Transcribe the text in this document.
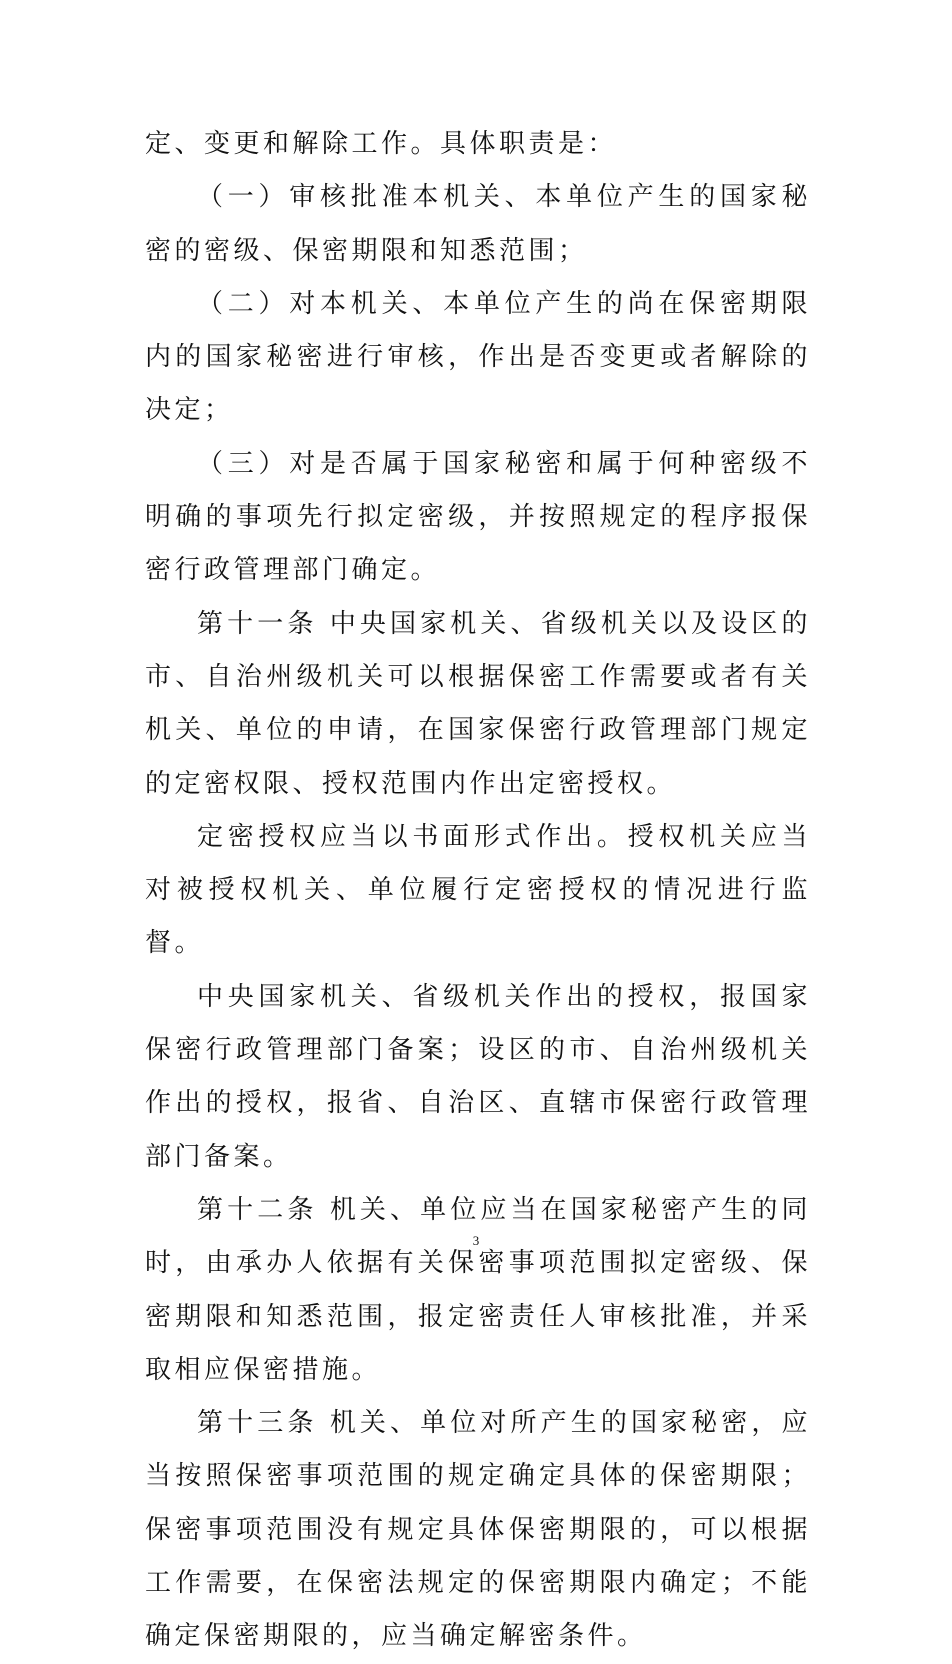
定、变更和解除工作。具体职责是：

（一）审核批准本机关、本单位产生的国家秘密的密级、保密期限和知悉范围；

（二）对本机关、本单位产生的尚在保密期限内的国家秘密进行审核，作出是否变更或者解除的决定；

（三）对是否属于国家秘密和属于何种密级不明确的事项先行拟定密级，并按照规定的程序报保密行政管理部门确定。

第十一条 中央国家机关、省级机关以及设区的市、自治州级机关可以根据保密工作需要或者有关机关、单位的申请，在国家保密行政管理部门规定的定密权限、授权范围内作出定密授权。

定密授权应当以书面形式作出。授权机关应当对被授权机关、单位履行定密授权的情况进行监督。

中央国家机关、省级机关作出的授权，报国家保密行政管理部门备案；设区的市、自治州级机关作出的授权，报省、自治区、直辖市保密行政管理部门备案。

第十二条 机关、单位应当在国家秘密产生的同时，由承办人依据有关保密事项范围拟定密级、保密期限和知悉范围，报定密责任人审核批准，并采取相应保密措施。

第十三条 机关、单位对所产生的国家秘密，应当按照保密事项范围的规定确定具体的保密期限；保密事项范围没有规定具体保密期限的，可以根据工作需要，在保密法规定的保密期限内确定；不能确定保密期限的，应当确定解密条件。

3
